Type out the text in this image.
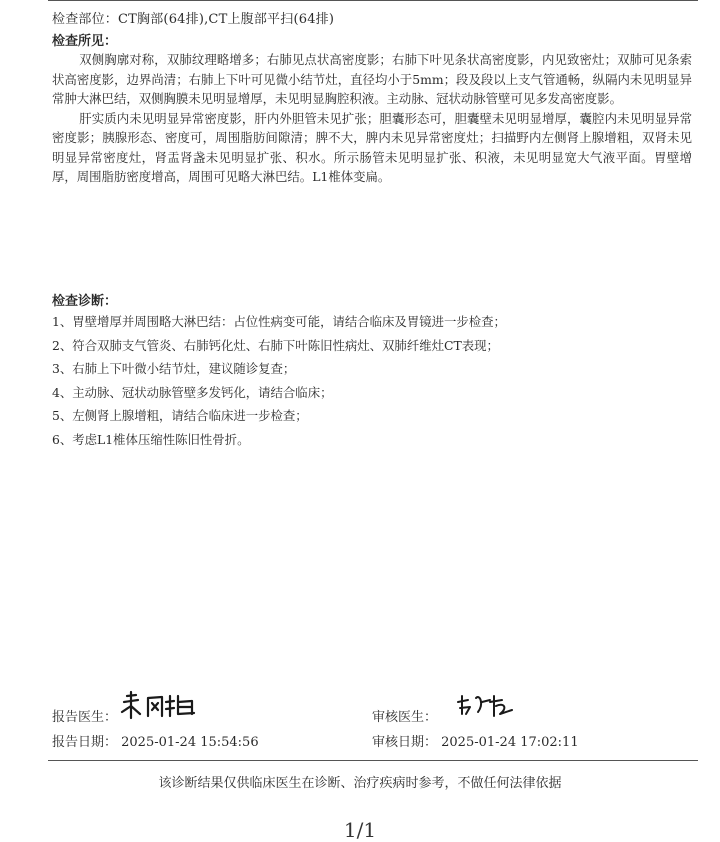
检查部位：CT胸部(64排),CT上腹部平扫(64排)
检查所见：

双侧胸廓对称，双肺纹理略增多；右肺见点状高密度影；右肺下叶见条状高密度影，内见致密灶；双肺可见条索状高密度影，边界尚清；右肺上下叶可见微小结节灶，直径均小于5mm；段及段以上支气管通畅，纵隔内未见明显异常肿大淋巴结，双侧胸膜未见明显增厚，未见明显胸腔积液。主动脉、冠状动脉管壁可见多发高密度影。

肝实质内未见明显异常密度影，肝内外胆管未见扩张；胆囊形态可，胆囊壁未见明显增厚，囊腔内未见明显异常密度影；胰腺形态、密度可，周围脂肪间隙清；脾不大，脾内未见异常密度灶；扫描野内左侧肾上腺增粗，双肾未见明显异常密度灶，肾盂肾盏未见明显扩张、积水。所示肠管未见明显扩张、积液，未见明显宽大气液平面。胃壁增厚，周围脂肪密度增高，周围可见略大淋巴结。L1椎体变扁。

检查诊断：
1、胃壁增厚并周围略大淋巴结：占位性病变可能，请结合临床及胃镜进一步检查；
2、符合双肺支气管炎、右肺钙化灶、右肺下叶陈旧性病灶、双肺纤维灶CT表现；
3、右肺上下叶微小结节灶，建议随诊复查；
4、主动脉、冠状动脉管壁多发钙化，请结合临床；
5、左侧肾上腺增粗，请结合临床进一步检查；
6、考虑L1椎体压缩性陈旧性骨折。
报告医生：	审核医生：
报告日期： 2025-01-24 15:54:56	审核日期： 2025-01-24 17:02:11
该诊断结果仅供临床医生在诊断、治疗疾病时参考，不做任何法律依据
1/1
